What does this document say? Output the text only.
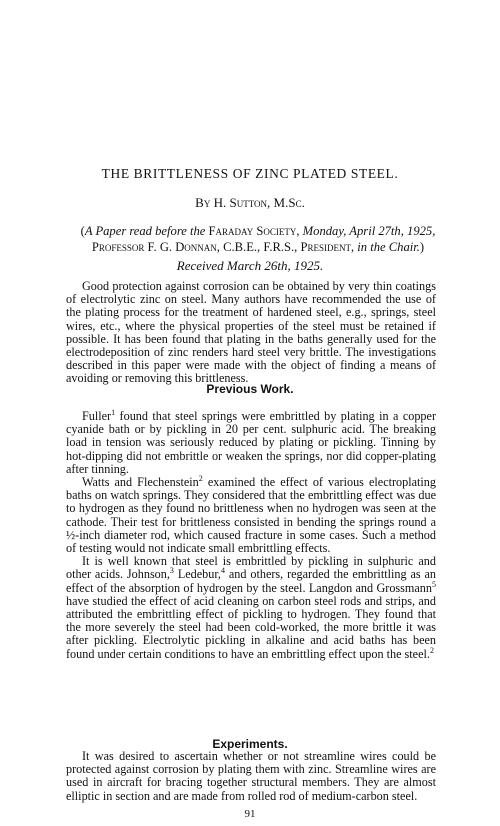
THE BRITTLENESS OF ZINC PLATED STEEL.
By H. Sutton, M.Sc.
(A Paper read before the Faraday Society, Monday, April 27th, 1925,
Professor F. G. Donnan, C.B.E., F.R.S., President, in the Chair.)
Received March 26th, 1925.

Good protection against corrosion can be obtained by very thin coatings of electrolytic zinc on steel. Many authors have recommended the use of the plating process for the treatment of hardened steel, e.g., springs, steel wires, etc., where the physical properties of the steel must be retained if possible. It has been found that plating in the baths generally used for the electrodeposition of zinc renders hard steel very brittle. The investigations described in this paper were made with the object of finding a means of avoiding or removing this brittleness.

Previous Work.

Fuller$^1$ found that steel springs were embrittled by plating in a copper cyanide bath or by pickling in 20 per cent. sulphuric acid. The breaking load in tension was seriously reduced by plating or pickling. Tinning by hot-dipping did not embrittle or weaken the springs, nor did copper-plating after tinning.

Watts and Flechenstein$^2$ examined the effect of various electroplating baths on watch springs. They considered that the embrittling effect was due to hydrogen as they found no brittleness when no hydrogen was seen at the cathode. Their test for brittleness consisted in bending the springs round a ½-inch diameter rod, which caused fracture in some cases. Such a method of testing would not indicate small embrittling effects.

It is well known that steel is embrittled by pickling in sulphuric and other acids. Johnson,$^3$ Ledebur,$^4$ and others, regarded the embrittling as an effect of the absorption of hydrogen by the steel. Langdon and Grossmann$^5$ have studied the effect of acid cleaning on carbon steel rods and strips, and attributed the embrittling effect of pickling to hydrogen. They found that the more severely the steel had been cold-worked, the more brittle it was after pickling. Electrolytic pickling in alkaline and acid baths has been found under certain conditions to have an embrittling effect upon the steel.$^2$

Experiments.

It was desired to ascertain whether or not streamline wires could be protected against corrosion by plating them with zinc. Streamline wires are used in aircraft for bracing together structural members. They are almost elliptic in section and are made from rolled rod of medium-carbon steel.

91
